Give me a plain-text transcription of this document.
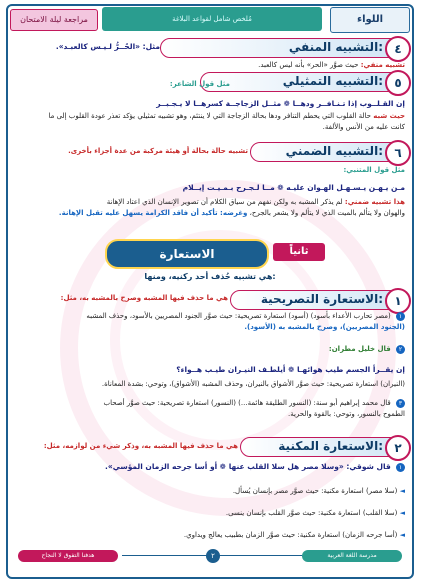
مراجعة ليلة الامتحان	مُلخص شامل لقواعد البلاغة	اللواء
التشبيه المنفي: ٤
مثل: «الحُــرُّ لـيـس كالعبـد».
تشبيه منفي: حيث صوَّر «الحر» بأنه ليس كالعبد.
التشبيه التمثيلي: ٥
مثل قول الشاعر:
إن القـلــوب إذا تـنـافــر ودهــا ❁ مثــل الزجاجــة كسرهــا لا يـجـبــر
حيث شبه حالة القلوب التي يحطم التنافر ودها بحالة الزجاجة التي لا ينتئم، وهو تشبيه تمثيلي يؤكد تعذر عودة القلوب إلى ما
كانت عليه من الأنس والألفة.
التشبيه الضمني: ٦
تشبيه حالة بحالة أو هيئة مركبة من عدة أجزاء بأخرى.
مثل قول المتنبي:
مـن يـهـن يـسـهـل الهـوان عليـه ❁ مــا لـجـرح بـمـيـت إيــلام
هذا تشبيه ضمني: لم يذكر المشبه به ولكن نفهم من سياق الكلام أن تصوير الإنسان الذي اعتاد الإهانة
والهوان ولا يتألم بالميت الذي لا يتألم ولا يشعر بالجرح، وغرضه: تأكيد أن فاقد الكرامة يسهل عليه تقبل الإهانة.
ثانياً
الاستعارة
هي تشبيه حُذف أحد ركنيه، ومنها:
الاستعارة التصريحية: ١
هي ما حذف فيها المشبه وصرح بالمشبه به، مثل:
١ (مصر تحارب الأعداء بأسود) (أسود) استعارة تصريحية: حيث صوَّر الجنود المصريين بالأسود، وحذف المشبه
(الجنود المصريين)، وصرح بالمشبه به (الأسود).
٢ قال خليل مطران:
إن يقــرأ الجسم طيب هوائهـا ❁ أيلطـف النيـران طيـب هــواء؟
(النيران) استعارة تصريحية: حيث صوَّر الأشواق بالنيران، وحذف المشبه (الأشواق)، وتوحي: بشدة المعاناة.
٣ قال محمد إبراهيم أبو سنة: (النسور الطليقة هائمة...) (النسور) استعارة تصريحية: حيث صوَّر أصحاب
الطموح بالنسور، وتوحي: بالقوة والحرية.
الاستعارة المكنية: ٢
هي ما حذف فيها المشبه به، وذكر شيء من لوازمه، مثل:
١ قال شوقي: «وسلا مصر هل سلا القلب عنها ❁ أو أسا جرحه الزمان المؤسي».
◄ (سلا مصر) استعارة مكنية: حيث صوَّر مصر بإنسان يُسأل.
◄ (سلا القلب) استعارة مكنية: حيث صوَّر القلب بإنسان ينسى.
◄ (أسا جرحه الزمان) استعارة مكنية: حيث صوَّر الزمان بطبيب يعالج ويداوي.
هدفنا التفوق لا النجاح	٢	مدرسة اللغة العربية
